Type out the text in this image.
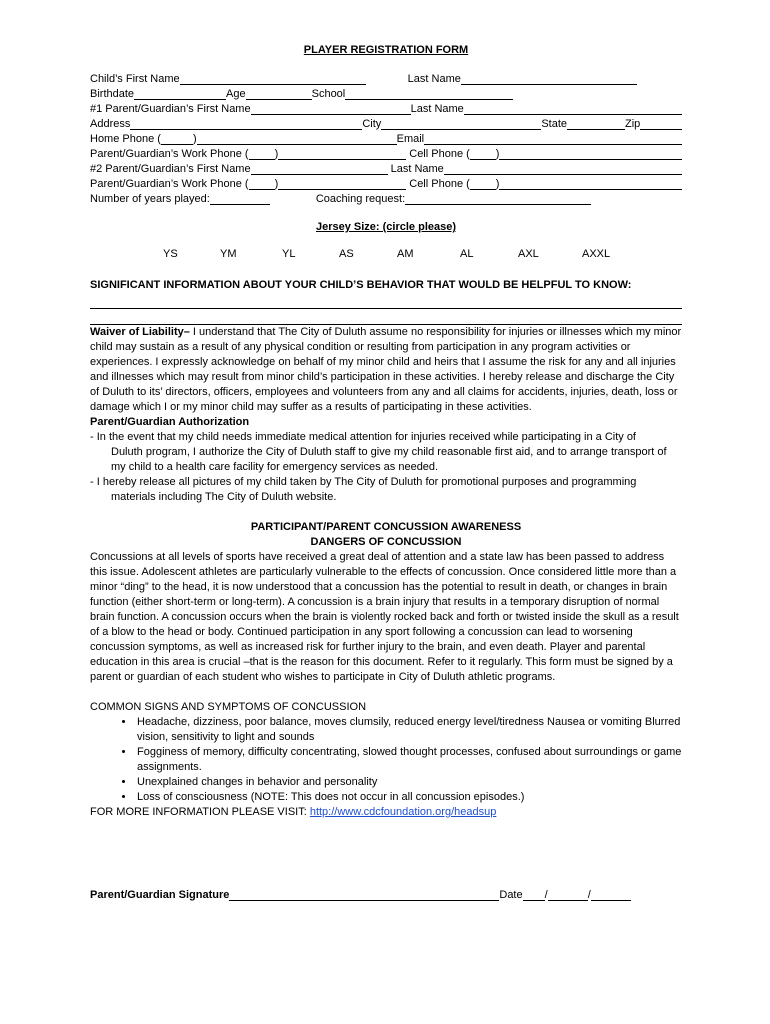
PLAYER REGISTRATION FORM
Child’s First Name	Last Name
Birthdate	Age	School
#1 Parent/Guardian’s First Name	Last Name
Address	City	State	Zip
Home Phone (	)	Email
Parent/Guardian’s Work Phone ( )	Cell Phone ( )
#2 Parent/Guardian’s First Name	Last Name
Parent/Guardian’s Work Phone ( )	Cell Phone ( )
Number of years played:	Coaching request:
Jersey Size: (circle please)
YS	YM	YL	AS	AM	AL	AXL	AXXL
SIGNIFICANT INFORMATION ABOUT YOUR CHILD’S BEHAVIOR THAT WOULD BE HELPFUL TO KNOW:

Waiver of Liability– I understand that The City of Duluth assume no responsibility for injuries or illnesses which my minor child may sustain as a result of any physical condition or resulting from participation in any program activities or experiences. I expressly acknowledge on behalf of my minor child and heirs that I assume the risk for any and all injuries and illnesses which may result from minor child’s participation in these activities. I hereby release and discharge the City of Duluth to its’ directors, officers, employees and volunteers from any and all claims for accidents, injuries, death, loss or damage which I or my minor child may suffer as a results of participating in these activities.

Parent/Guardian Authorization
- In the event that my child needs immediate medical attention for injuries received while participating in a City of
Duluth program, I authorize the City of Duluth staff to give my child reasonable first aid, and to arrange transport of my child to a health care facility for emergency services as needed.
- I hereby release all pictures of my child taken by The City of Duluth for promotional purposes and programming
materials including The City of Duluth website.
PARTICIPANT/PARENT CONCUSSION AWARENESS
DANGERS OF CONCUSSION

Concussions at all levels of sports have received a great deal of attention and a state law has been passed to address this issue. Adolescent athletes are particularly vulnerable to the effects of concussion. Once considered little more than a minor “ding” to the head, it is now understood that a concussion has the potential to result in death, or changes in brain function (either short-term or long-term). A concussion is a brain injury that results in a temporary disruption of normal brain function. A concussion occurs when the brain is violently rocked back and forth or twisted inside the skull as a result of a blow to the head or body. Continued participation in any sport following a concussion can lead to worsening concussion symptoms, as well as increased risk for further injury to the brain, and even death. Player and parental education in this area is crucial –that is the reason for this document. Refer to it regularly. This form must be signed by a parent or guardian of each student who wishes to participate in City of Duluth athletic programs.

COMMON SIGNS AND SYMPTOMS OF CONCUSSION
• Headache, dizziness, poor balance, moves clumsily, reduced energy level/tiredness Nausea or vomiting Blurred vision, sensitivity to light and sounds
• Fogginess of memory, difficulty concentrating, slowed thought processes, confused about surroundings or game assignments.
• Unexplained changes in behavior and personality
• Loss of consciousness (NOTE: This does not occur in all concussion episodes.)
FOR MORE INFORMATION PLEASE VISIT: http://www.cdcfoundation.org/headsup
Parent/Guardian Signature	Date /	/
